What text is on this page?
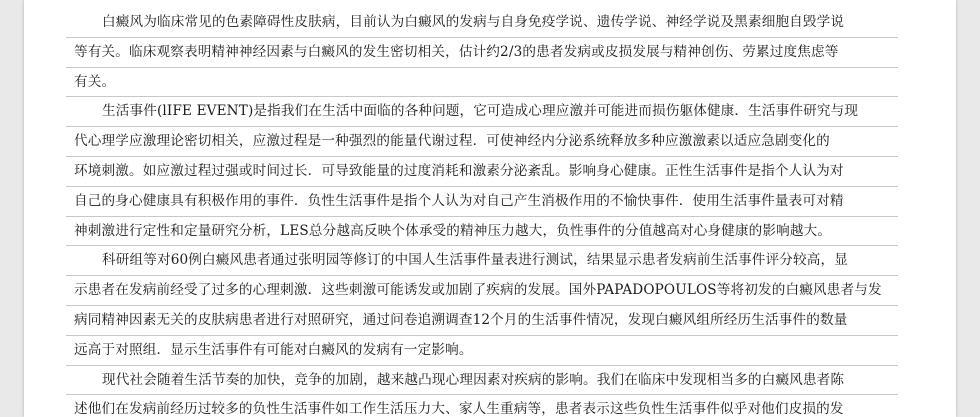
白癜风为临床常见的色素障碍性皮肤病，目前认为白癜风的发病与自身免疫学说、遗传学说、神经学说及黑素细胞自毁学说
等有关。临床观察表明精神神经因素与白癜风的发生密切相关，估计约2/3的患者发病或皮损发展与精神创伤、劳累过度焦虑等
有关。
生活事件(lIFE EVENT)是指我们在生活中面临的各种问题，它可造成心理应激并可能进而损伤躯体健康．生活事件研究与现
代心理学应激理论密切相关，应激过程是一种强烈的能量代谢过程．可使神经内分泌系统释放多种应激激素以适应急剧变化的
环境刺激。如应激过程过强或时间过长．可导致能量的过度消耗和激素分泌紊乱。影响身心健康。正性生活事件是指个人认为对
自己的身心健康具有积极作用的事件．负性生活事件是指个人认为对自己产生消极作用的不愉快事件．使用生活事件量表可对精
神刺激进行定性和定量研究分析，LES总分越高反映个体承受的精神压力越大，负性事件的分值越高对心身健康的影响越大。
科研组等对60例白癜风患者通过张明园等修订的中国人生活事件量表进行测试，结果显示患者发病前生活事件评分较高，显
示患者在发病前经受了过多的心理刺激．这些刺激可能诱发或加剧了疾病的发展。国外PAPADOPOULOS等将初发的白癜风患者与发
病同精神因素无关的皮肤病患者进行对照研究，通过问卷追溯调查12个月的生活事件情况，发现白癜风组所经历生活事件的数量
远高于对照组．显示生活事件有可能对白癜风的发病有一定影响。
现代社会随着生活节奏的加快，竞争的加剧，越来越凸现心理因素对疾病的影响。我们在临床中发现相当多的白癜风患者陈
述他们在发病前经历过较多的负性生活事件如工作生活压力大、家人生重病等，患者表示这些负性生活事件似乎对他们皮损的发
